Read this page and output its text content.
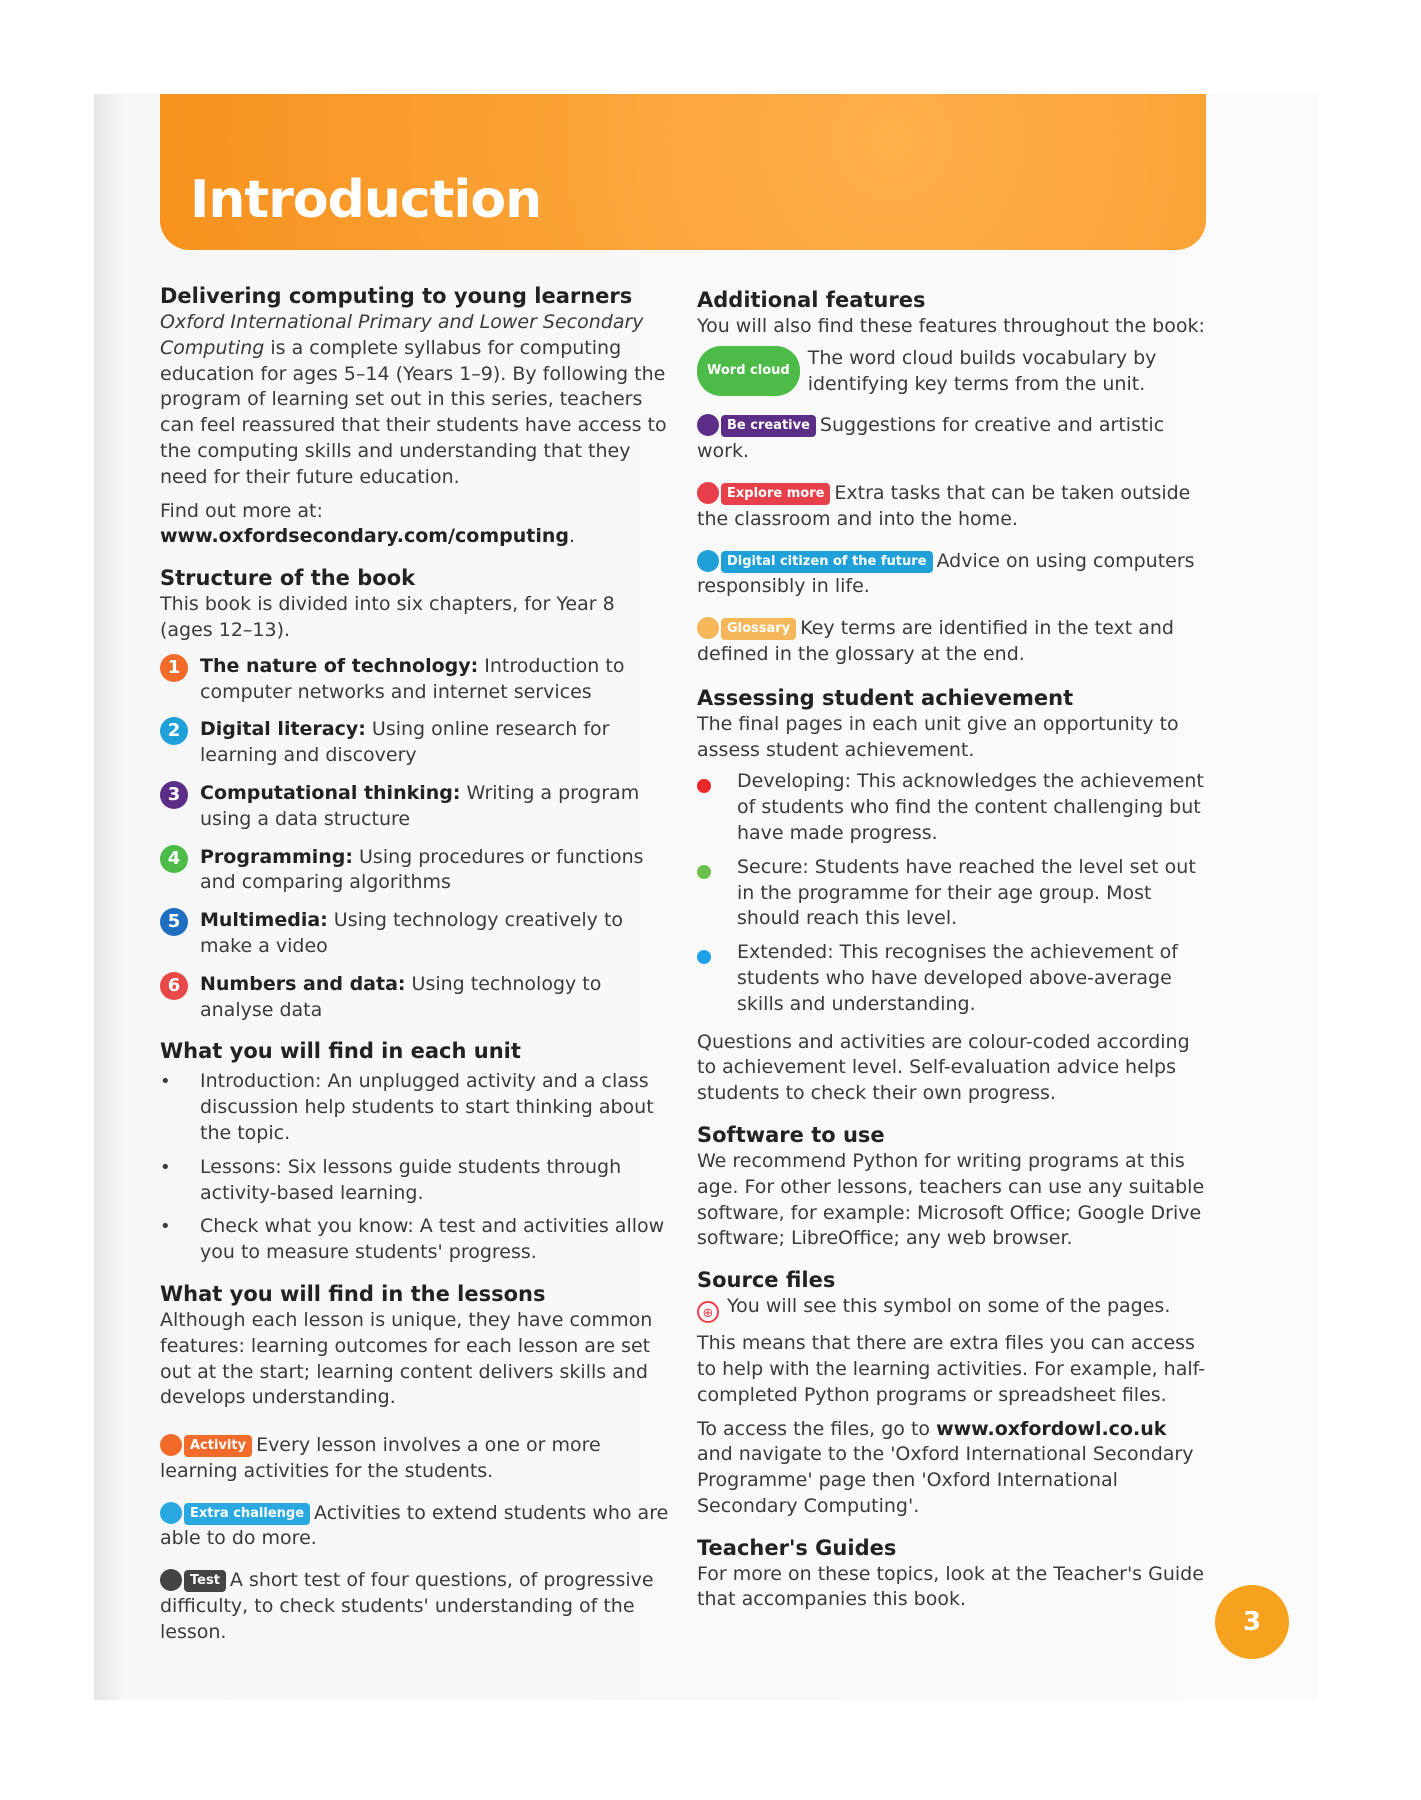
Introduction
Delivering computing to young learners

Oxford International Primary and Lower Secondary Computing is a complete syllabus for computing education for ages 5–14 (Years 1–9). By following the program of learning set out in this series, teachers can feel reassured that their students have access to the computing skills and understanding that they need for their future education.

Find out more at:

www.oxfordsecondary.com/computing.

Structure of the book

This book is divided into six chapters, for Year 8 (ages 12–13).

1	The nature of technology: Introduction to computer networks and internet services
2	Digital literacy: Using online research for learning and discovery
3	Computational thinking: Writing a program using a data structure
4	Programming: Using procedures or functions and comparing algorithms
5	Multimedia: Using technology creatively to make a video
6	Numbers and data: Using technology to analyse data
What you will find in each unit
•	Introduction: An unplugged activity and a class discussion help students to start thinking about the topic.
•	Lessons: Six lessons guide students through activity-based learning.
•	Check what you know: A test and activities allow you to measure students' progress.
What you will find in the lessons

Although each lesson is unique, they have common features: learning outcomes for each lesson are set out at the start; learning content delivers skills and develops understanding.

Activity Every lesson involves a one or more learning activities for the students.
Extra challenge Activities to extend students who are able to do more.
Test A short test of four questions, of progressive difficulty, to check students' understanding of the lesson.
Additional features

You will also find these features throughout the book:

Word cloud
The word cloud builds vocabulary by identifying key terms from the unit.
Be creative Suggestions for creative and artistic work.
Explore more Extra tasks that can be taken outside the classroom and into the home.
Digital citizen of the future Advice on using computers responsibly in life.
Glossary Key terms are identified in the text and defined in the glossary at the end.
Assessing student achievement

The final pages in each unit give an opportunity to assess student achievement.

Developing: This acknowledges the achievement of students who find the content challenging but have made progress.
Secure: Students have reached the level set out in the programme for their age group. Most should reach this level.
Extended: This recognises the achievement of students who have developed above-average skills and understanding.

Questions and activities are colour-coded according to achievement level. Self-evaluation advice helps students to check their own progress.

Software to use

We recommend Python for writing programs at this age. For other lessons, teachers can use any suitable software, for example: Microsoft Office; Google Drive software; LibreOffice; any web browser.

Source files

⊕ You will see this symbol on some of the pages.

This means that there are extra files you can access to help with the learning activities. For example, half-completed Python programs or spreadsheet files.

To access the files, go to www.oxfordowl.co.uk and navigate to the 'Oxford International Secondary Programme' page then 'Oxford International Secondary Computing'.

Teacher's Guides

For more on these topics, look at the Teacher's Guide that accompanies this book.

3
